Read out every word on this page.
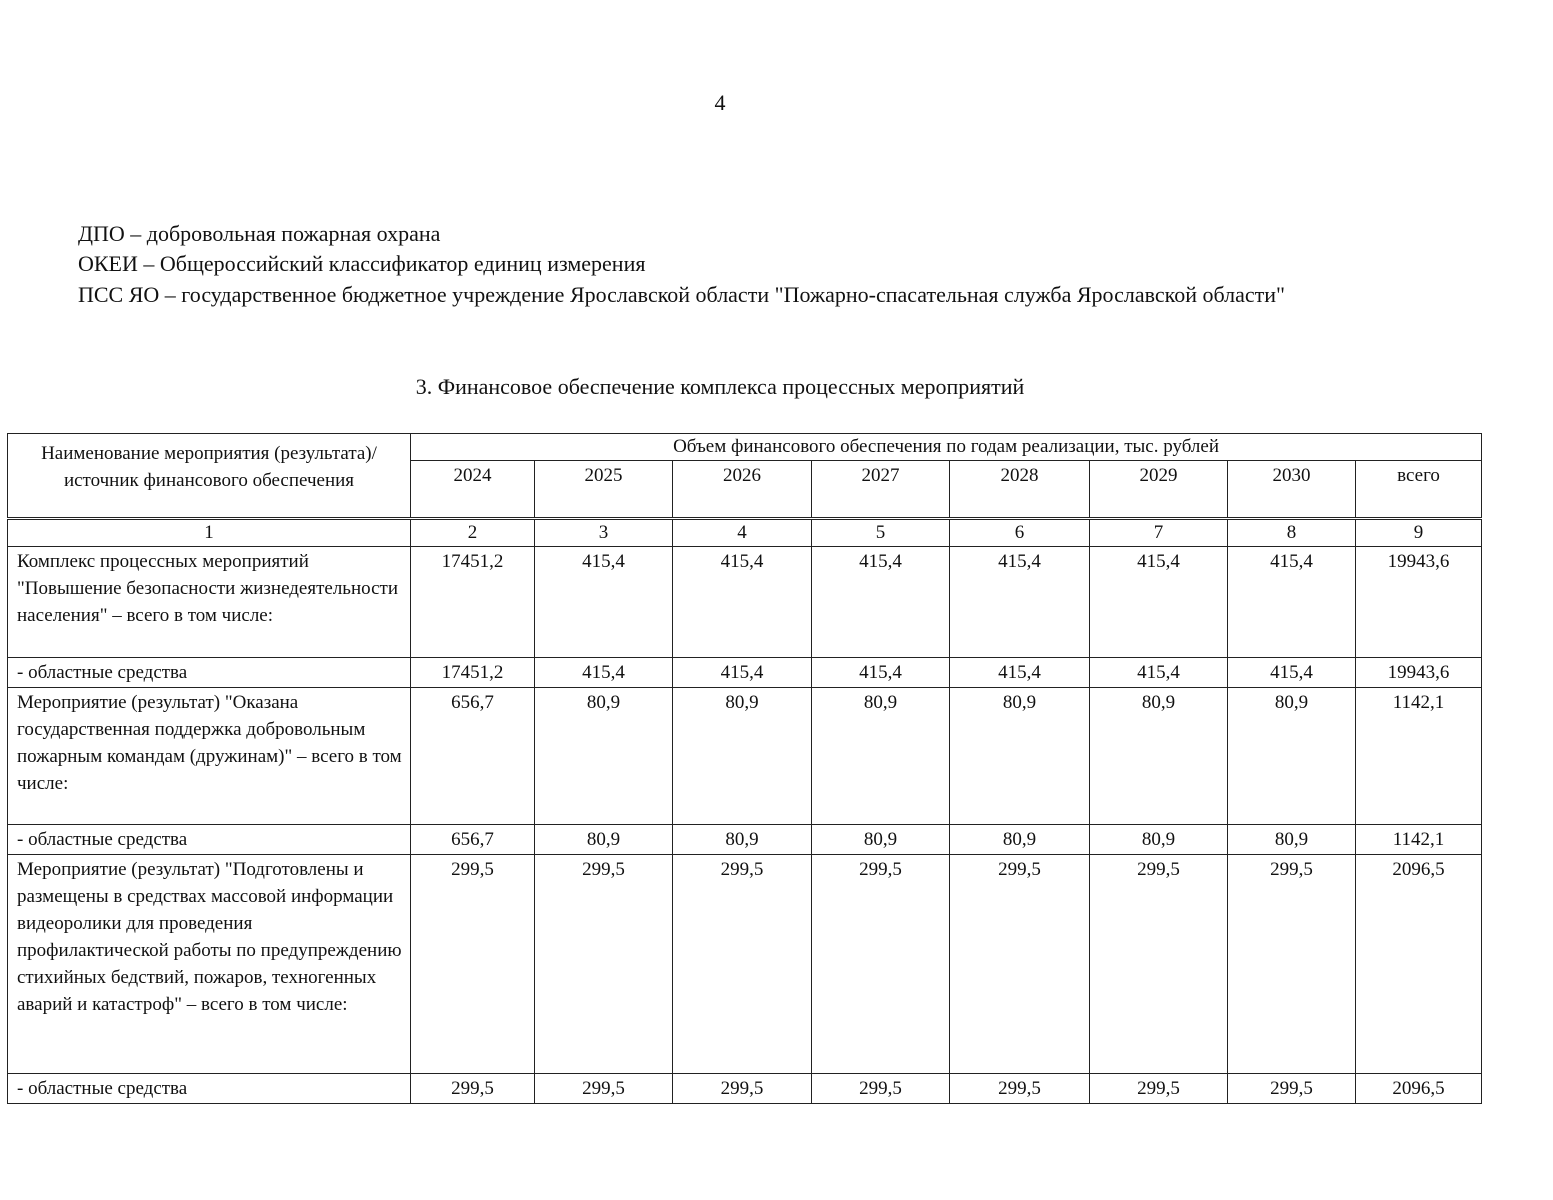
4

ДПО – добровольная пожарная охрана

ОКЕИ – Общероссийский классификатор единиц измерения

ПСС ЯО – государственное бюджетное учреждение Ярославской области "Пожарно-спасательная служба Ярославской области"

3. Финансовое обеспечение комплекса процессных мероприятий
Наименование мероприятия (результата)/ источник финансового обеспечения	Объем финансового обеспечения по годам реализации, тыс. рублей							
	2024	2025	2026	2027	2028	2029	2030	всего
1	2	3	4	5	6	7	8	9
Комплекс процессных мероприятий "Повышение безопасности жизнедеятельности населения" – всего в том числе:	17451,2	415,4	415,4	415,4	415,4	415,4	415,4	19943,6
- областные средства	17451,2	415,4	415,4	415,4	415,4	415,4	415,4	19943,6
Мероприятие (результат) "Оказана государственная поддержка добровольным пожарным командам (дружинам)" – всего в том числе:	656,7	80,9	80,9	80,9	80,9	80,9	80,9	1142,1
- областные средства	656,7	80,9	80,9	80,9	80,9	80,9	80,9	1142,1
Мероприятие (результат) "Подготовлены и размещены в средствах массовой информации видеоролики для проведения профилактической работы по предупреждению стихийных бедствий, пожаров, техногенных аварий и катастроф" – всего в том числе:	299,5	299,5	299,5	299,5	299,5	299,5	299,5	2096,5
- областные средства	299,5	299,5	299,5	299,5	299,5	299,5	299,5	2096,5
